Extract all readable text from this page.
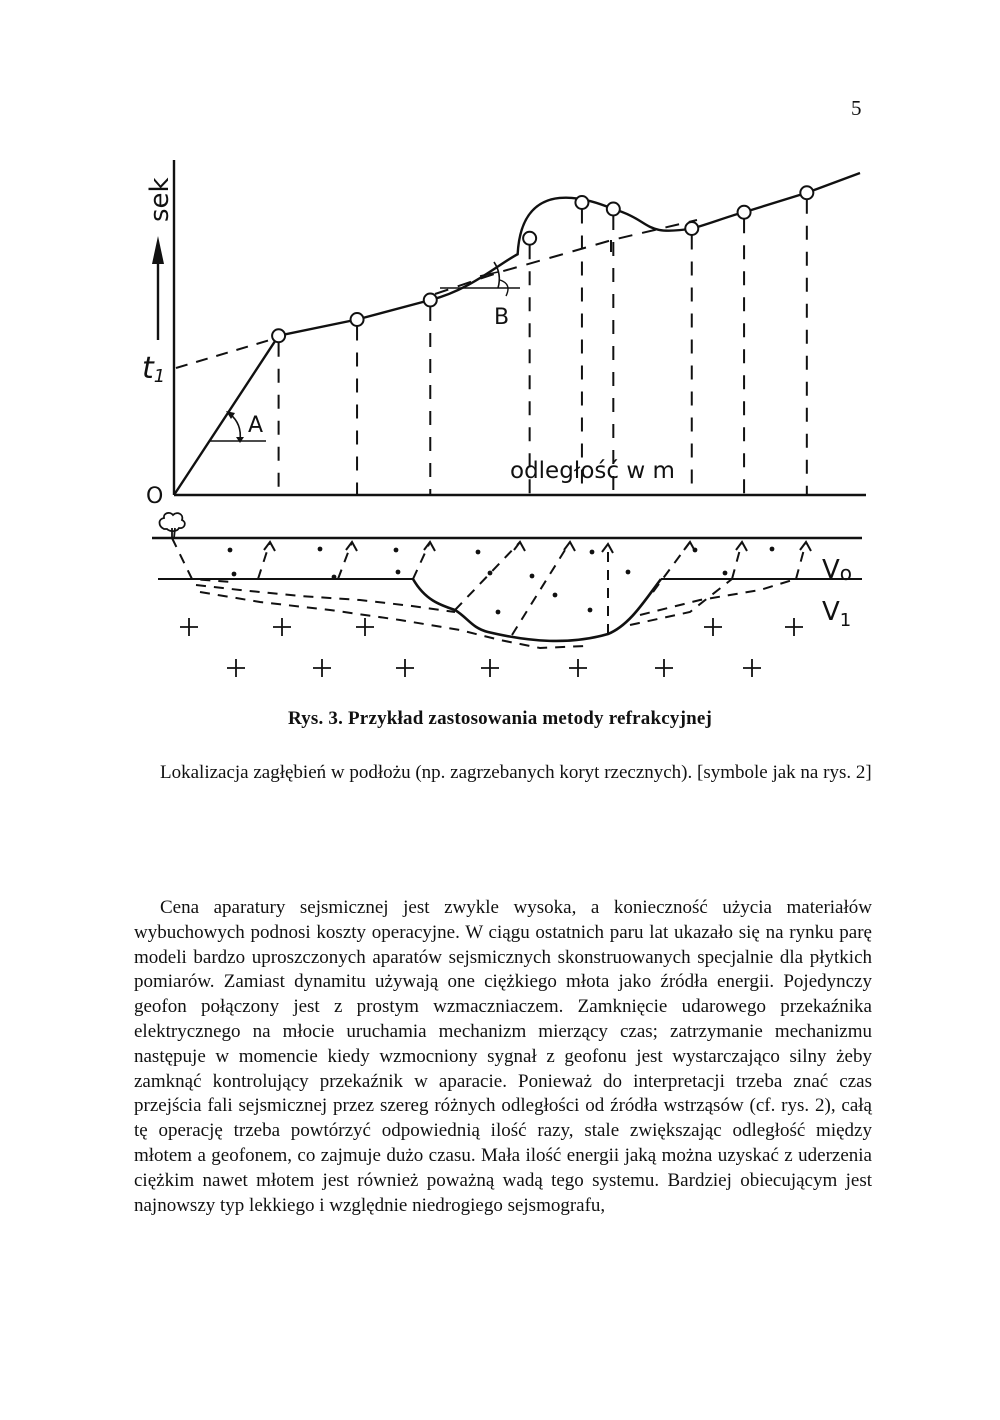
5
sek
t1
O
A
B
odległość w m
Vo
$V_1$
Rys. 3. Przykład zastosowania metody refrakcyjnej
Lokalizacja zagłębień w podłożu (np. zagrzebanych koryt rzecznych). [symbole jak na rys. 2]

Cena aparatury sejsmicznej jest zwykle wysoka, a konieczność użycia materiałów wybuchowych podnosi koszty operacyjne. W ciągu ostatnich paru lat ukazało się na rynku parę modeli bardzo uproszczonych aparatów sejsmicznych skonstruowanych specjalnie dla płytkich pomiarów. Zamiast dynamitu używają one ciężkiego młota jako źródła energii. Pojedynczy geofon połączony jest z prostym wzmaczniaczem. Zamknięcie udarowego przekaźnika elektrycznego na młocie uruchamia mechanizm mierzący czas; zatrzymanie mechanizmu następuje w momencie kiedy wzmocniony sygnał z geofonu jest wystarczająco silny żeby zamknąć kontrolujący przekaźnik w aparacie. Ponieważ do interpretacji trzeba znać czas przejścia fali sejsmicznej przez szereg różnych odległości od źródła wstrząsów (cf. rys. 2), całą tę operację trzeba powtórzyć odpowiednią ilość razy, stale zwiększając odległość między młotem a geofonem, co zajmuje dużo czasu. Mała ilość energii jaką można uzyskać z uderzenia ciężkim nawet młotem jest również poważną wadą tego systemu. Bardziej obiecującym jest najnowszy typ lekkiego i względnie niedrogiego sejsmografu,
